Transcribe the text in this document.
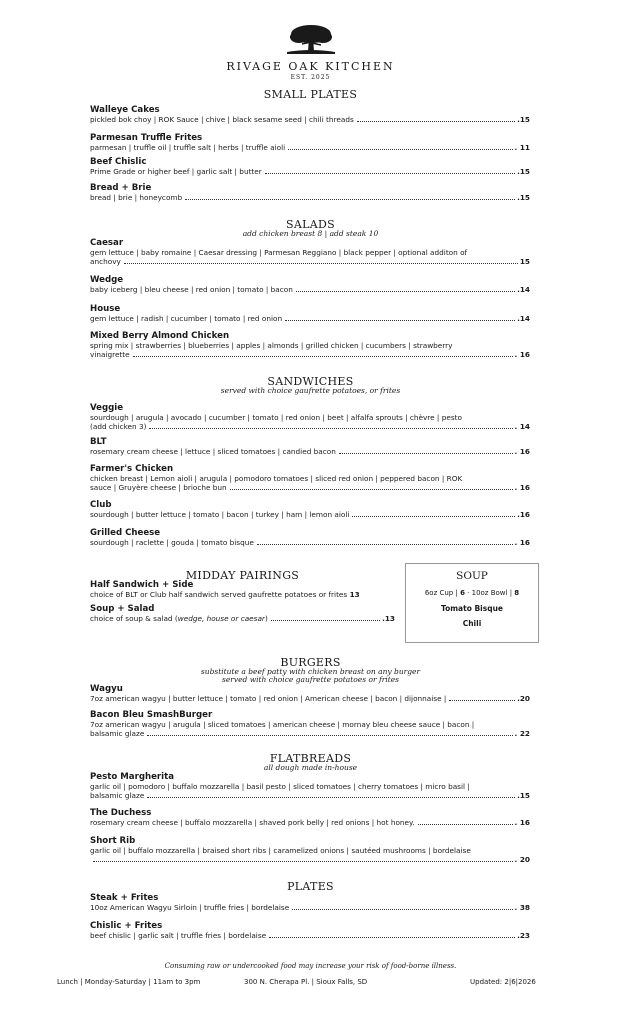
RIVAGE OAK KITCHEN
EST. 2025
SMALL PLATES
Walleye Cakes
pickled bok choy | ROK Sauce | chive | black sesame seed | chili threads	.15
Parmesan Truffle Frites
parmesan | truffle oil | truffle salt | herbs | truffle aioli	. 11
Beef Chislic
Prime Grade or higher beef | garlic salt | butter	.15
Bread + Brie
bread | brie | honeycomb	.15
SALADS
add chicken breast 8 | add steak 10
Caesar
gem lettuce | baby romaine | Caesar dressing | Parmesan Reggiano | black pepper | optional additon of
anchovy	15
Wedge
baby iceberg | bleu cheese | red onion | tomato | bacon	.14
House
gem lettuce | radish | cucumber | tomato | red onion	.14
Mixed Berry Almond Chicken
spring mix | strawberries | blueberries | apples | almonds | grilled chicken | cucumbers | strawberry
vinaigrette	. 16
SANDWICHES
served with choice gaufrette potatoes, or frites
Veggie
sourdough | arugula | avocado | cucumber | tomato | red onion | beet | alfalfa sprouts | chèvre | pesto
(add chicken 3)	. 14
BLT
rosemary cream cheese | lettuce | sliced tomatoes | candied bacon	. 16
Farmer's Chicken
chicken breast | Lemon aioli | arugula | pomodoro tomatoes | sliced red onion | peppered bacon | ROK
sauce | Gruyère cheese | brioche bun	. 16
Club
sourdough | butter lettuce | tomato | bacon | turkey | ham | lemon aioli	.16
Grilled Cheese
sourdough | raclette | gouda | tomato bisque	. 16
MIDDAY PAIRINGS
Half Sandwich + Side
choice of BLT or Club half sandwich served gaufrette potatoes or frites
13
Soup + Salad
choice of soup & salad (wedge, house or caesar)	.13
SOUP
6oz Cup | 6 · 10oz Bowl | 8
Tomato Bisque
Chili
BURGERS
substitute a beef patty with chicken breast on any burger
served with choice gaufrette potatoes or frites
Wagyu
7oz american wagyu | butter lettuce | tomato | red onion | American cheese | bacon | dijonnaise |	.20
Bacon Bleu SmashBurger
7oz american wagyu | arugula | sliced tomatoes | american cheese | mornay bleu cheese sauce | bacon |
balsamic glaze	. 22
FLATBREADS
all dough made in-house
Pesto Margherita
garlic oil | pomodoro | buffalo mozzarella | basil pesto | sliced tomatoes | cherry tomatoes | micro basil |
balsamic glaze	.15
The Duchess
rosemary cream cheese | buffalo mozzarella | shaved pork belly | red onions | hot honey.	. 16
Short Rib
garlic oil | buffalo mozzarella | braised short ribs | caramelized onions | sautéed mushrooms | bordelaise
. 20
PLATES
Steak + Frites
10oz American Wagyu Sirloin | truffle fries | bordelaise	. 38
Chislic + Frites
beef chislic | garlic salt | truffle fries | bordelaise	.23
Consuming raw or undercooked food may increase your risk of food-borne illness.
Lunch | Monday-Saturday | 11am to 3pm	300 N. Cherapa Pl. | Sioux Falls, SD	Updated: 2|6|2026
